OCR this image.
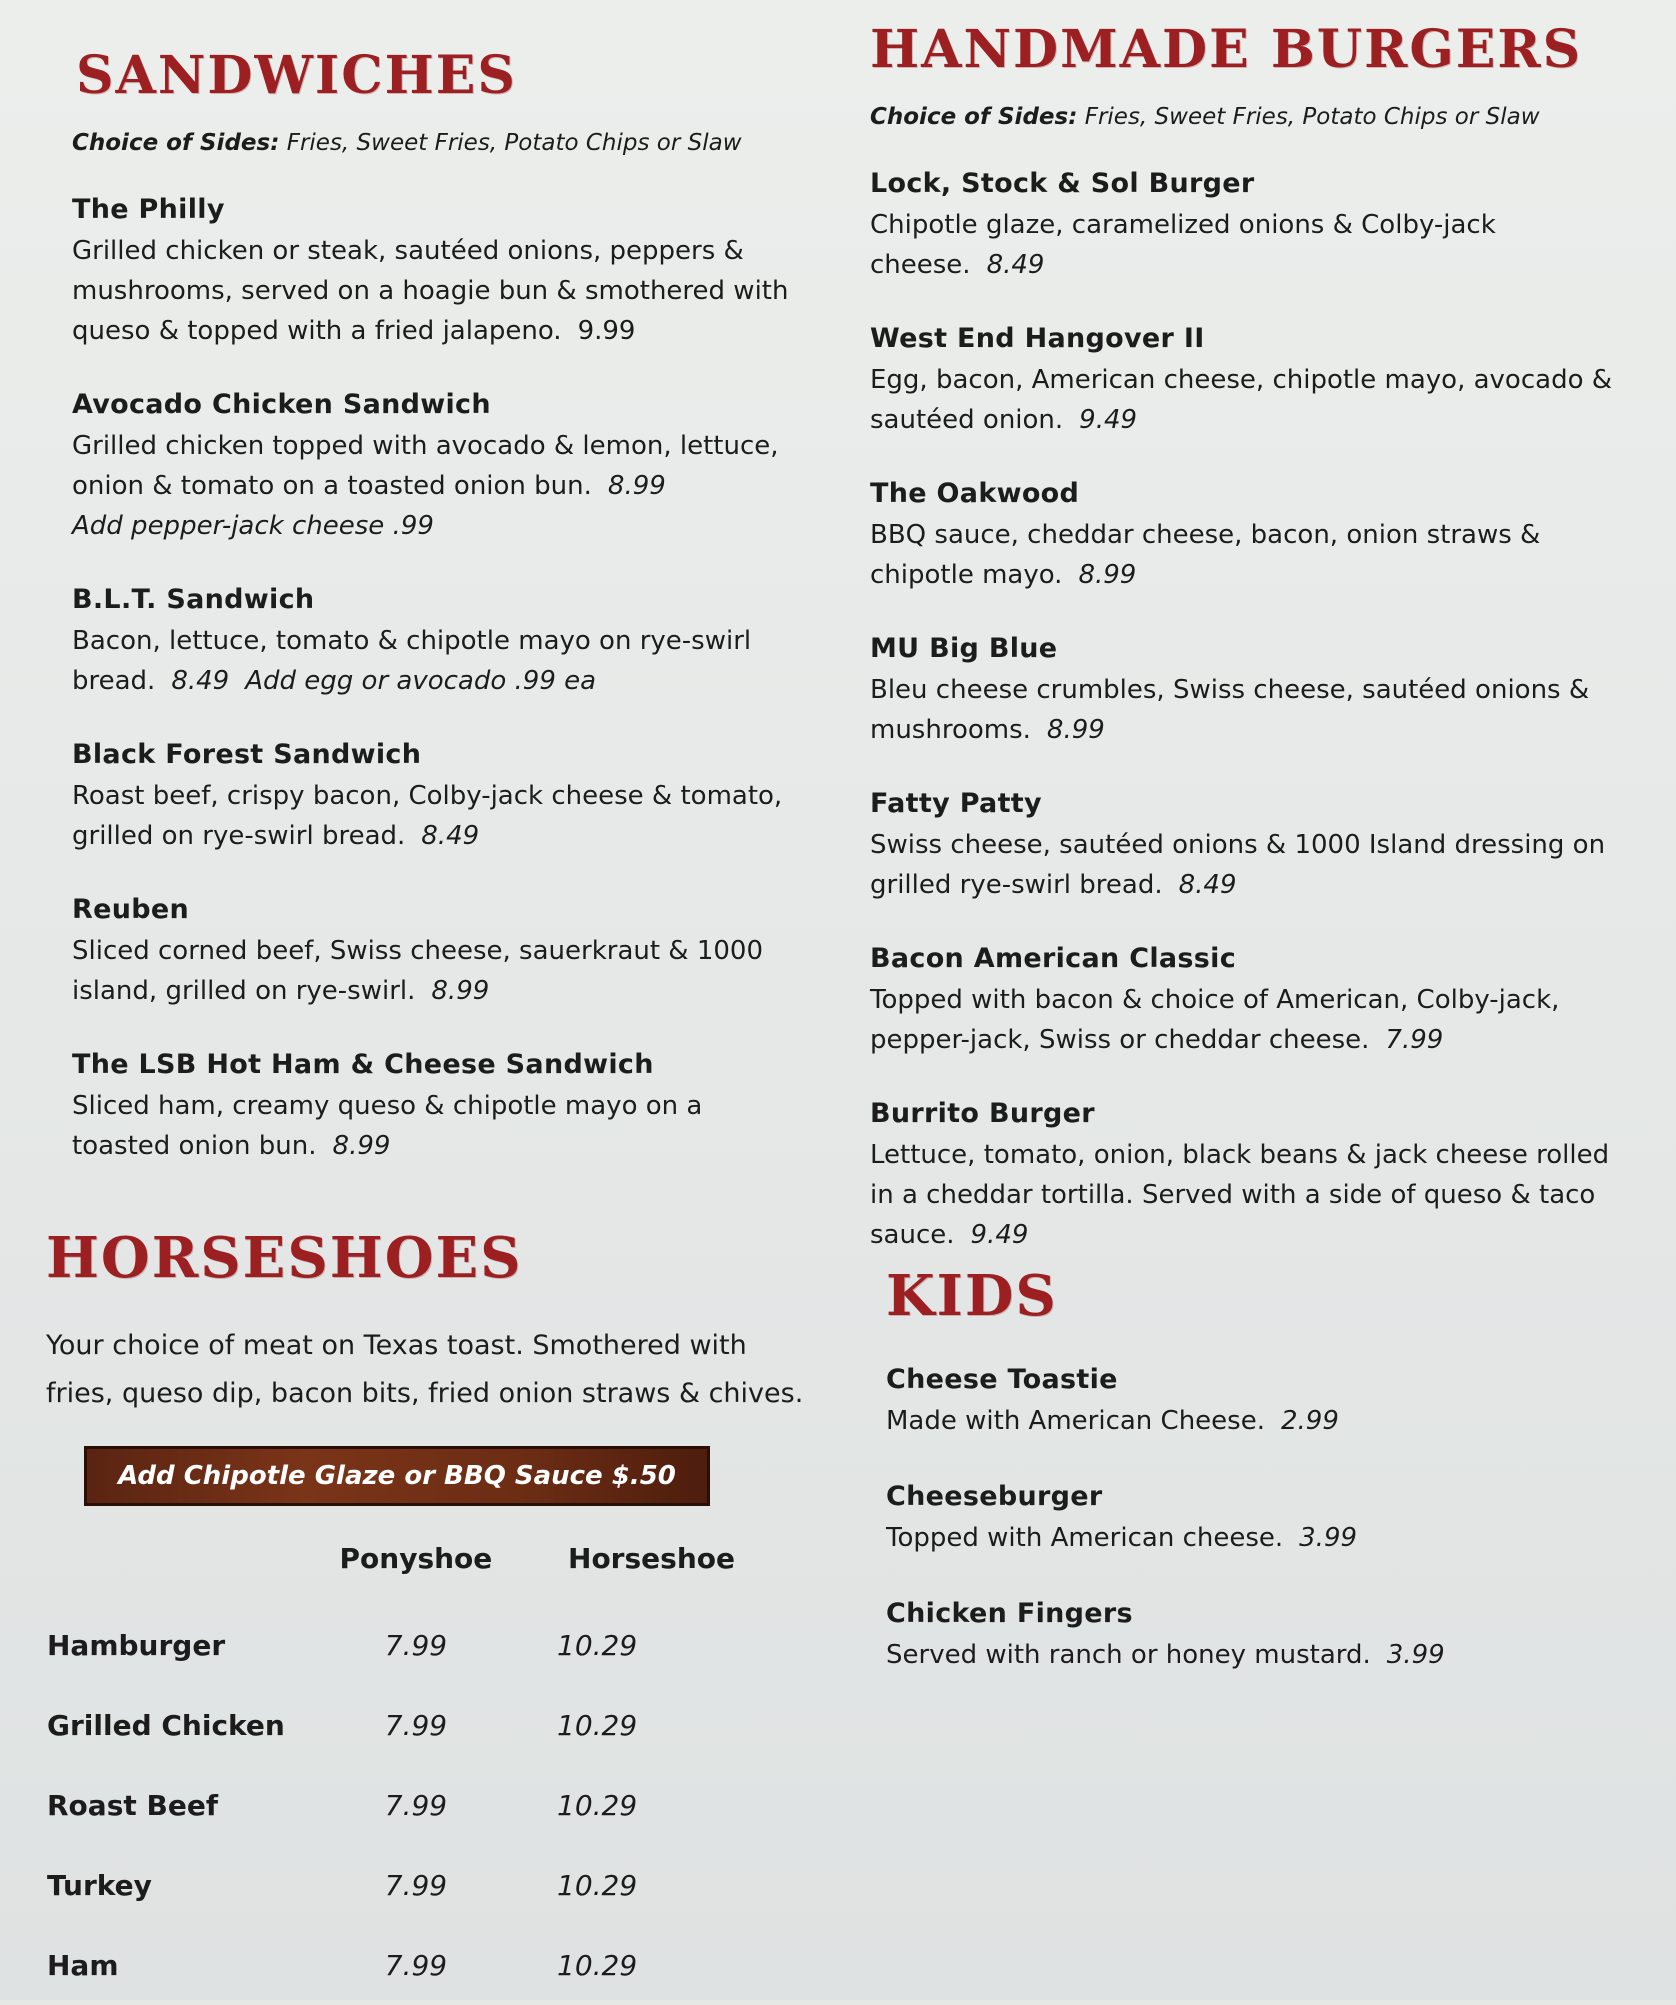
SANDWICHES
Choice of Sides: Fries, Sweet Fries, Potato Chips or Slaw

The Philly

Grilled chicken or steak, sautéed onions, peppers & mushrooms, served on a hoagie bun & smothered with queso & topped with a fried jalapeno. 9.99

Avocado Chicken Sandwich

Grilled chicken topped with avocado & lemon, lettuce, onion & tomato on a toasted onion bun. 8.99
Add pepper-jack cheese .99

B.L.T. Sandwich

Bacon, lettuce, tomato & chipotle mayo on rye-swirl bread. 8.49 Add egg or avocado .99 ea

Black Forest Sandwich

Roast beef, crispy bacon, Colby-jack cheese & tomato, grilled on rye-swirl bread. 8.49

Reuben

Sliced corned beef, Swiss cheese, sauerkraut & 1000 island, grilled on rye-swirl. 8.99

The LSB Hot Ham & Cheese Sandwich

Sliced ham, creamy queso & chipotle mayo on a toasted onion bun. 8.99

HORSESHOES
Your choice of meat on Texas toast. Smothered with fries, queso dip, bacon bits, fried onion straws & chives.
Add Chipotle Glaze or BBQ Sauce $.50
	Ponyshoe	Horseshoe
Hamburger	7.99	10.29
Grilled Chicken	7.99	10.29
Roast Beef	7.99	10.29
Turkey	7.99	10.29
Ham	7.99	10.29
HANDMADE BURGERS
Choice of Sides: Fries, Sweet Fries, Potato Chips or Slaw

Lock, Stock & Sol Burger

Chipotle glaze, caramelized onions & Colby-jack cheese. 8.49

West End Hangover II

Egg, bacon, American cheese, chipotle mayo, avocado & sautéed onion. 9.49

The Oakwood

BBQ sauce, cheddar cheese, bacon, onion straws & chipotle mayo. 8.99

MU Big Blue

Bleu cheese crumbles, Swiss cheese, sautéed onions & mushrooms. 8.99

Fatty Patty

Swiss cheese, sautéed onions & 1000 Island dressing on grilled rye-swirl bread. 8.49

Bacon American Classic

Topped with bacon & choice of American, Colby-jack, pepper-jack, Swiss or cheddar cheese. 7.99

Burrito Burger

Lettuce, tomato, onion, black beans & jack cheese rolled in a cheddar tortilla. Served with a side of queso & taco sauce. 9.49

KIDS

Cheese Toastie

Made with American Cheese. 2.99

Cheeseburger

Topped with American cheese. 3.99

Chicken Fingers

Served with ranch or honey mustard. 3.99
